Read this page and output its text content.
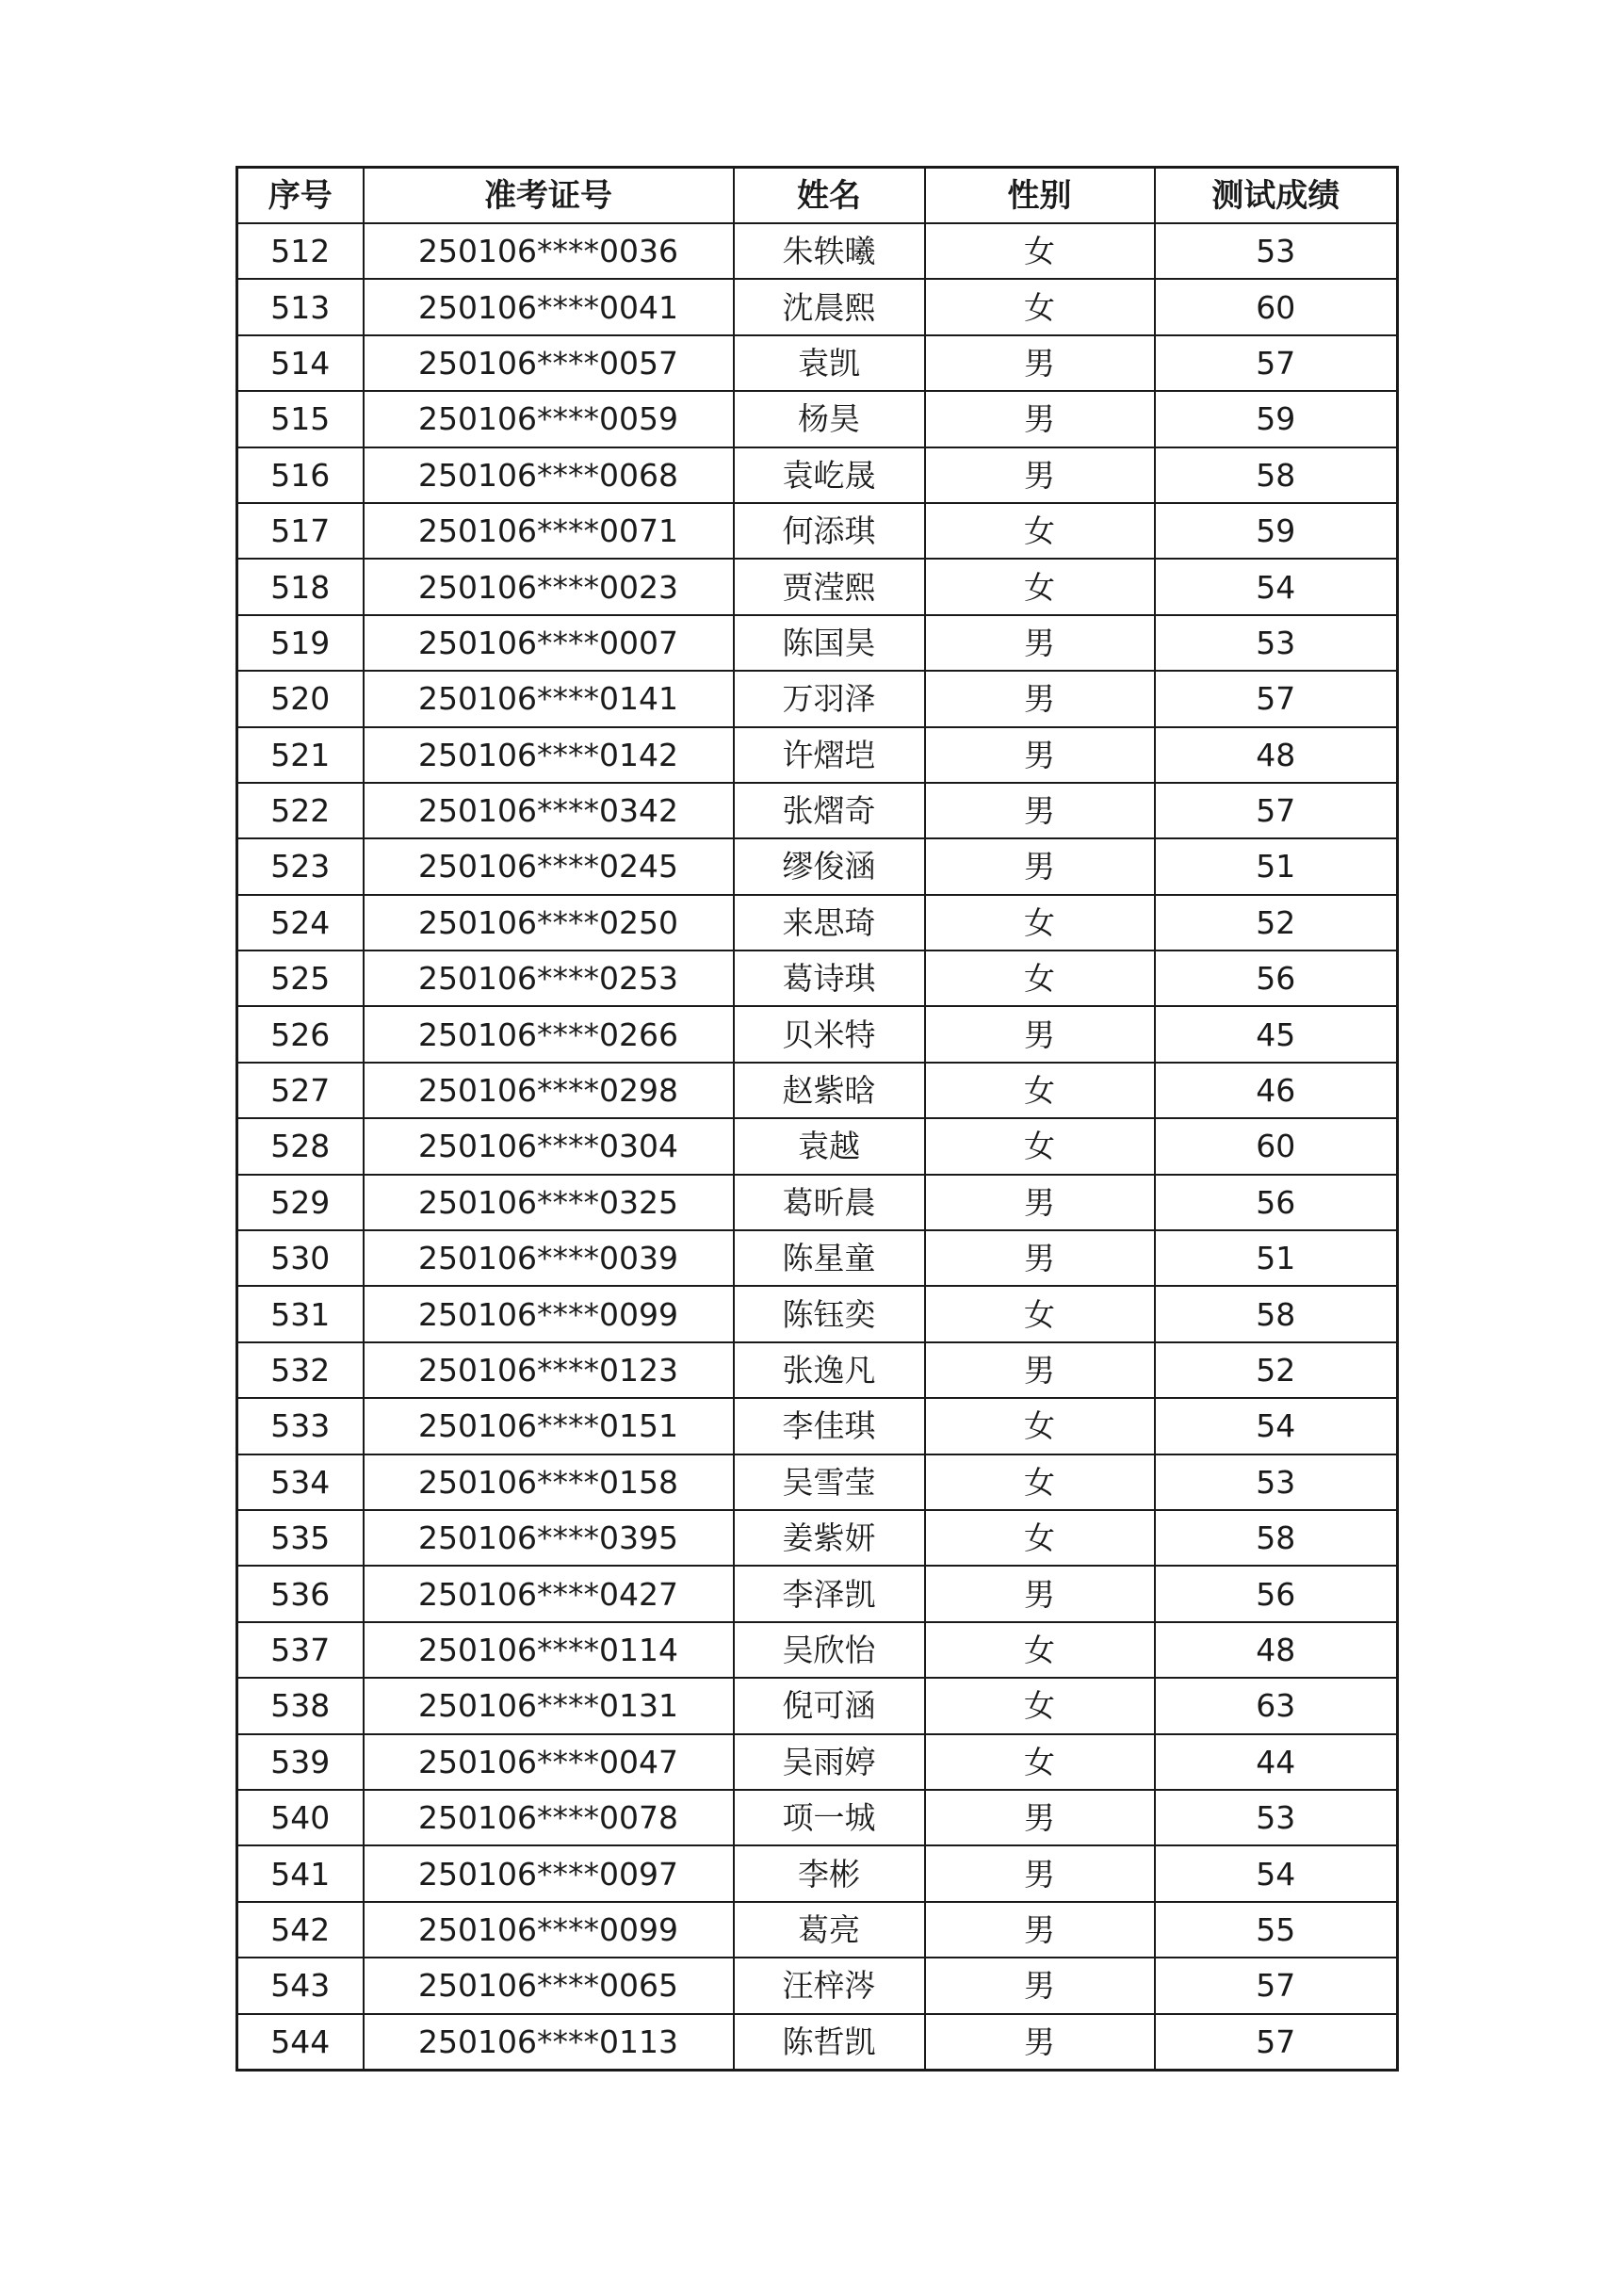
序号	准考证号	姓名	性别	测试成绩
512	250106****0036	朱轶曦	女	53
513	250106****0041	沈晨熙	女	60
514	250106****0057	袁凯	男	57
515	250106****0059	杨昊	男	59
516	250106****0068	袁屹晟	男	58
517	250106****0071	何添琪	女	59
518	250106****0023	贾滢熙	女	54
519	250106****0007	陈国昊	男	53
520	250106****0141	万羽泽	男	57
521	250106****0142	许熠垲	男	48
522	250106****0342	张熠奇	男	57
523	250106****0245	缪俊涵	男	51
524	250106****0250	来思琦	女	52
525	250106****0253	葛诗琪	女	56
526	250106****0266	贝米特	男	45
527	250106****0298	赵紫晗	女	46
528	250106****0304	袁越	女	60
529	250106****0325	葛昕晨	男	56
530	250106****0039	陈星童	男	51
531	250106****0099	陈钰奕	女	58
532	250106****0123	张逸凡	男	52
533	250106****0151	李佳琪	女	54
534	250106****0158	吴雪莹	女	53
535	250106****0395	姜紫妍	女	58
536	250106****0427	李泽凯	男	56
537	250106****0114	吴欣怡	女	48
538	250106****0131	倪可涵	女	63
539	250106****0047	吴雨婷	女	44
540	250106****0078	项一城	男	53
541	250106****0097	李彬	男	54
542	250106****0099	葛亮	男	55
543	250106****0065	汪梓涔	男	57
544	250106****0113	陈哲凯	男	57
